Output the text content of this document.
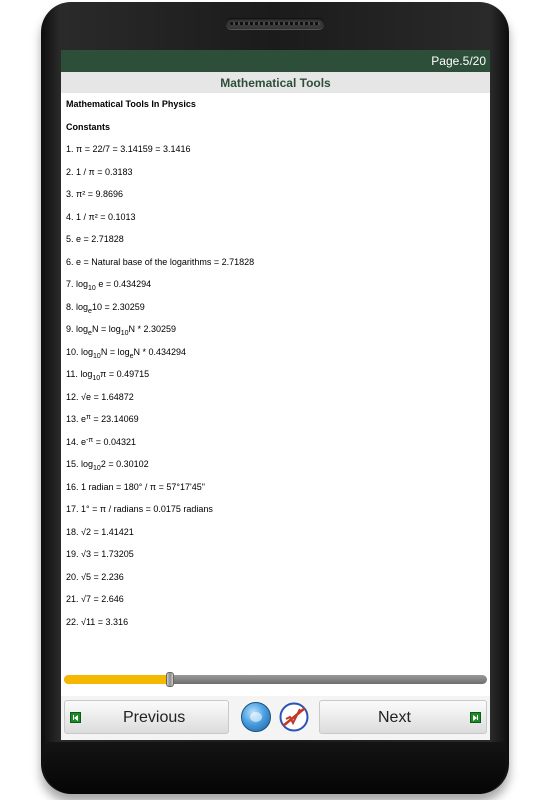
Page.5/20
Mathematical Tools
Mathematical Tools In Physics
Constants
1. π = 22/7 = 3.14159 = 3.1416
2. 1 / π = 0.3183
3. π² = 9.8696
4. 1 / π² = 0.1013
5. e = 2.71828
6. e = Natural base of the logarithms = 2.71828
7. $\log_{10} e = 0.434294$
8. $\log_e10 = 2.30259$
9. $\log_eN = \log_{10}N * 2.30259$
10. $\log_{10}N = \log_eN * 0.434294$
11. $\log_{10}\pi = 0.49715$
12. √e = 1.64872
13. $e^\pi = 23.14069$
14. $e^{-\pi} = 0.04321$
15. $\log_{10}2 = 0.30102$
16. 1 radian = 180° / π = 57°17'45"
17. 1° = π / radians = 0.0175 radians
18. √2 = 1.41421
19. √3 = 1.73205
20. √5 = 2.236
21. √7 = 2.646
22. √11 = 3.316
Previous	Next
